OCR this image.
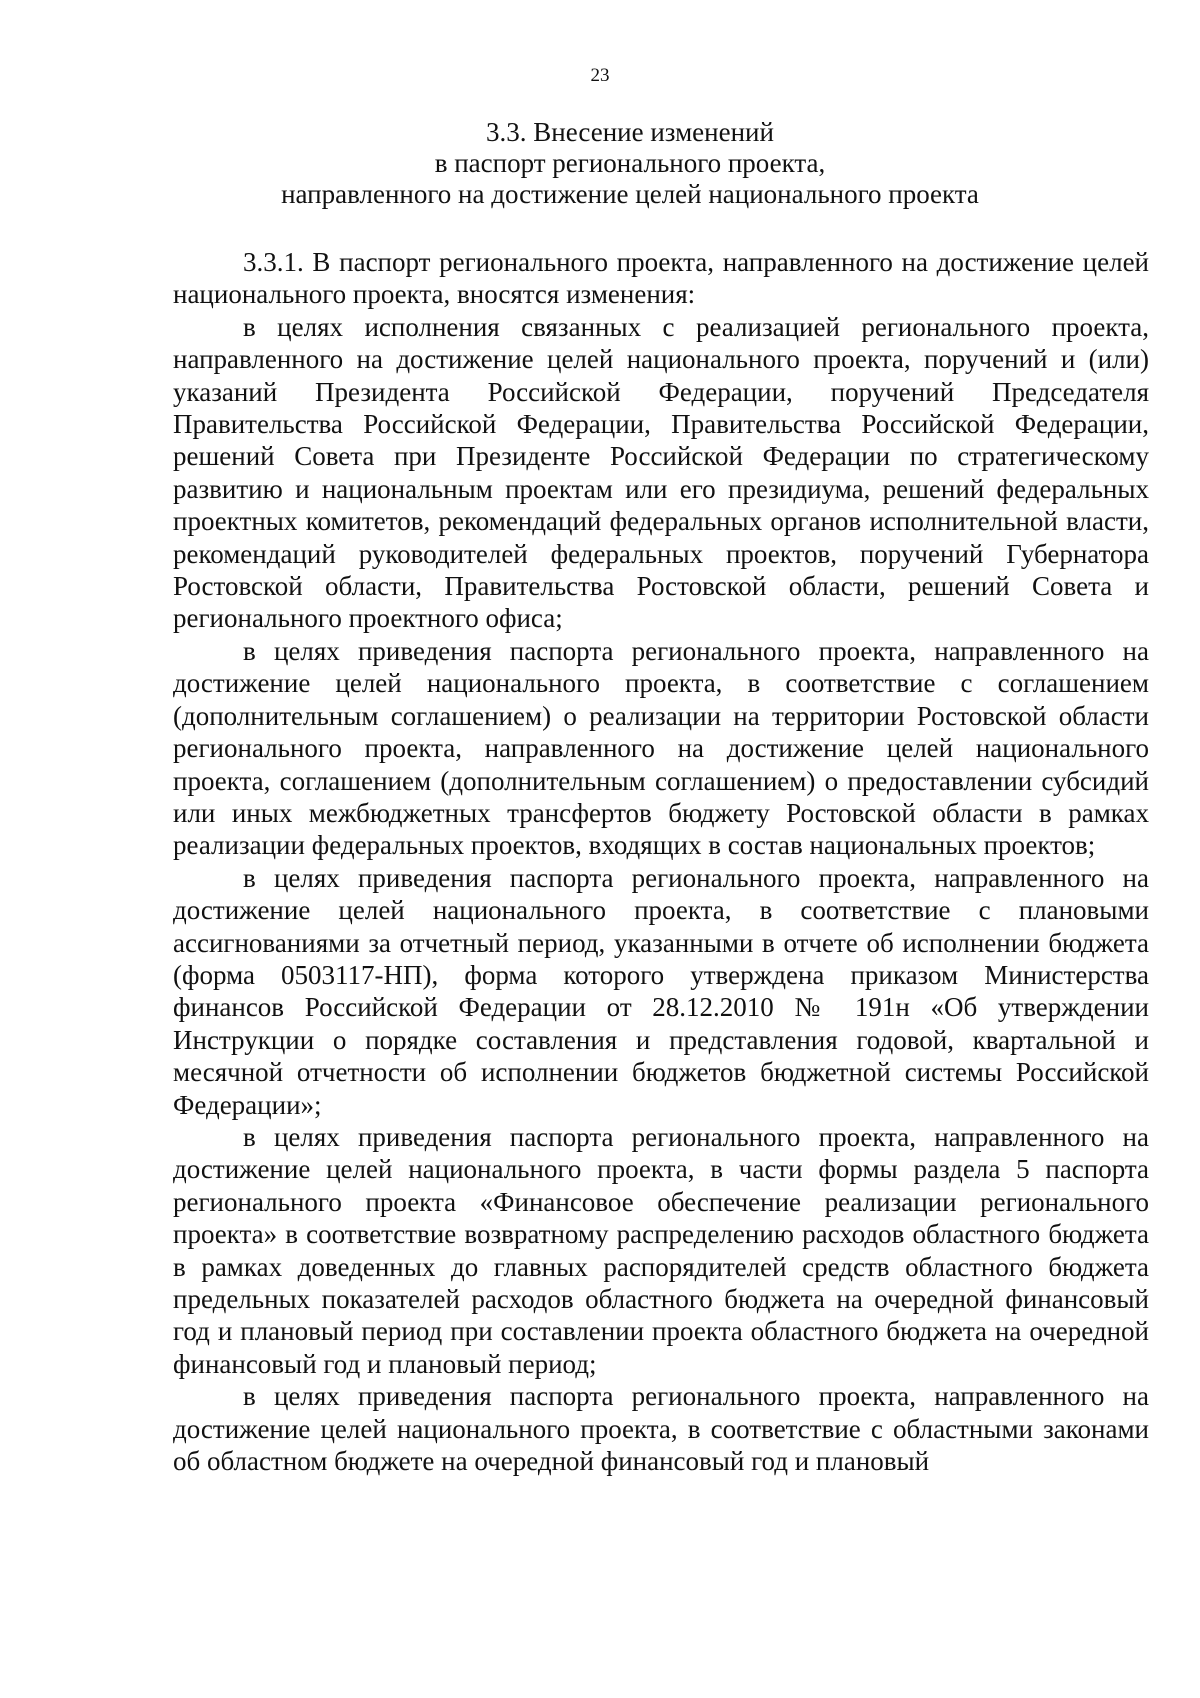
23
3.3. Внесение изменений
в паспорт регионального проекта,
направленного на достижение целей национального проекта

3.3.1. В паспорт регионального проекта, направленного на достижение целей национального проекта, вносятся изменения:

в целях исполнения связанных с реализацией регионального проекта, направленного на достижение целей национального проекта, поручений и (или) указаний Президента Российской Федерации, поручений Председателя Правительства Российской Федерации, Правительства Российской Федерации, решений Совета при Президенте Российской Федерации по стратегическому развитию и национальным проектам или его президиума, решений федеральных проектных комитетов, рекомендаций федеральных органов исполнительной власти, рекомендаций руководителей федеральных проектов, поручений Губернатора Ростовской области, Правительства Ростовской области, решений Совета и регионального проектного офиса;

в целях приведения паспорта регионального проекта, направленного на достижение целей национального проекта, в соответствие с соглашением (дополнительным соглашением) о реализации на территории Ростовской области регионального проекта, направленного на достижение целей национального проекта, соглашением (дополнительным соглашением) о предоставлении субсидий или иных межбюджетных трансфертов бюджету Ростовской области в рамках реализации федеральных проектов, входящих в состав национальных проектов;

в целях приведения паспорта регионального проекта, направленного на достижение целей национального проекта, в соответствие с плановыми ассигнованиями за отчетный период, указанными в отчете об исполнении бюджета (форма 0503117-НП), форма которого утверждена приказом Министерства финансов Российской Федерации от 28.12.2010 № 191н «Об утверждении Инструкции о порядке составления и представления годовой, квартальной и месячной отчетности об исполнении бюджетов бюджетной системы Российской Федерации»;

в целях приведения паспорта регионального проекта, направленного на достижение целей национального проекта, в части формы раздела 5 паспорта регионального проекта «Финансовое обеспечение реализации регионального проекта» в соответствие возвратному распределению расходов областного бюджета в рамках доведенных до главных распорядителей средств областного бюджета предельных показателей расходов областного бюджета на очередной финансовый год и плановый период при составлении проекта областного бюджета на очередной финансовый год и плановый период;

в целях приведения паспорта регионального проекта, направленного на достижение целей национального проекта, в соответствие с областными законами об областном бюджете на очередной финансовый год и плановый
